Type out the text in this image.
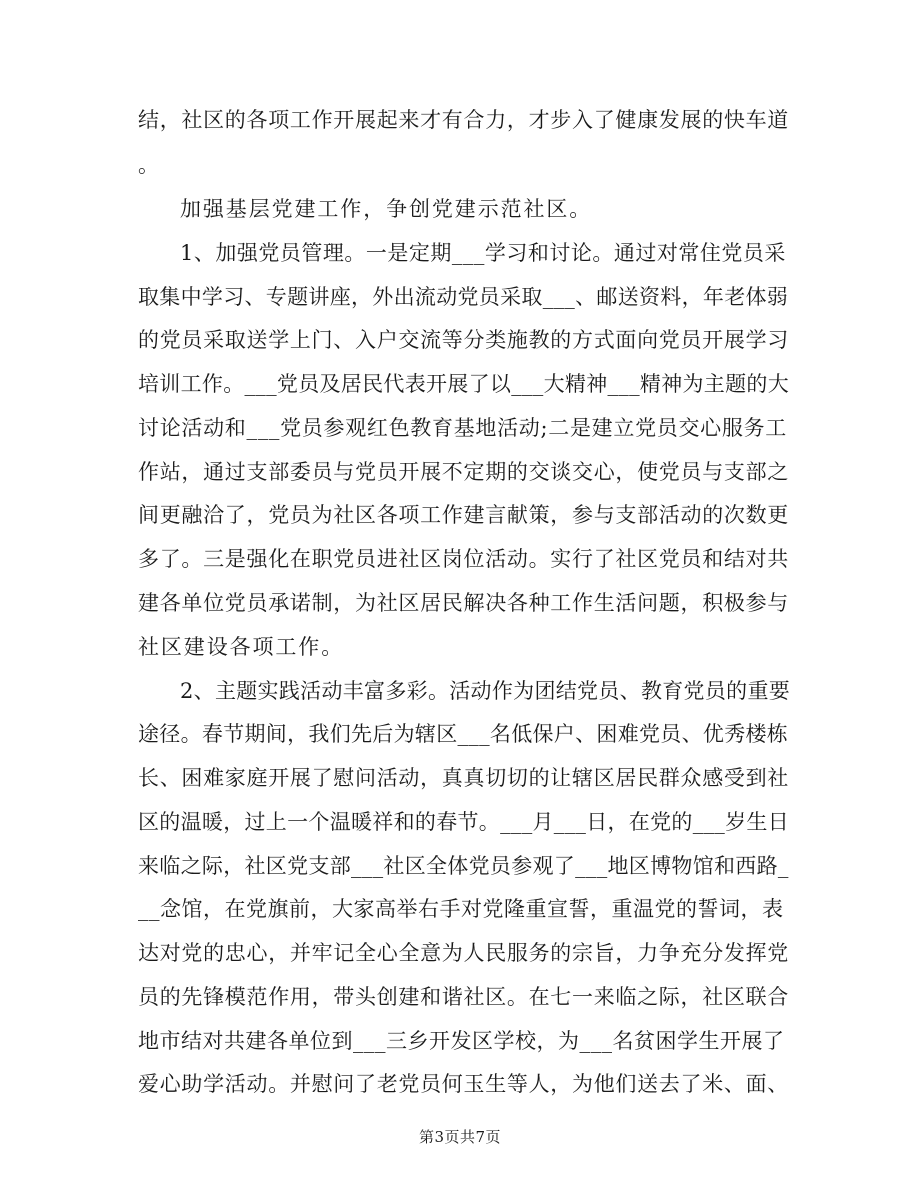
结，社区的各项工作开展起来才有合力，才步入了健康发展的快车道
。
加强基层党建工作，争创党建示范社区。
1、加强党员管理。一是定期___学习和讨论。通过对常住党员采
取集中学习、专题讲座，外出流动党员采取___、邮送资料，年老体弱
的党员采取送学上门、入户交流等分类施教的方式面向党员开展学习
培训工作。___党员及居民代表开展了以___大精神___精神为主题的大
讨论活动和___党员参观红色教育基地活动;二是建立党员交心服务工
作站，通过支部委员与党员开展不定期的交谈交心，使党员与支部之
间更融洽了，党员为社区各项工作建言献策，参与支部活动的次数更
多了。三是强化在职党员进社区岗位活动。实行了社区党员和结对共
建各单位党员承诺制，为社区居民解决各种工作生活问题，积极参与
社区建设各项工作。
2、主题实践活动丰富多彩。活动作为团结党员、教育党员的重要
途径。春节期间，我们先后为辖区___名低保户、困难党员、优秀楼栋
长、困难家庭开展了慰问活动，真真切切的让辖区居民群众感受到社
区的温暖，过上一个温暖祥和的春节。___月___日，在党的___岁生日
来临之际，社区党支部___社区全体党员参观了___地区博物馆和西路_
__念馆，在党旗前，大家高举右手对党隆重宣誓，重温党的誓词，表
达对党的忠心，并牢记全心全意为人民服务的宗旨，力争充分发挥党
员的先锋模范作用，带头创建和谐社区。在七一来临之际，社区联合
地市结对共建各单位到___三乡开发区学校，为___名贫困学生开展了
爱心助学活动。并慰问了老党员何玉生等人，为他们送去了米、面、
第3页共7页
